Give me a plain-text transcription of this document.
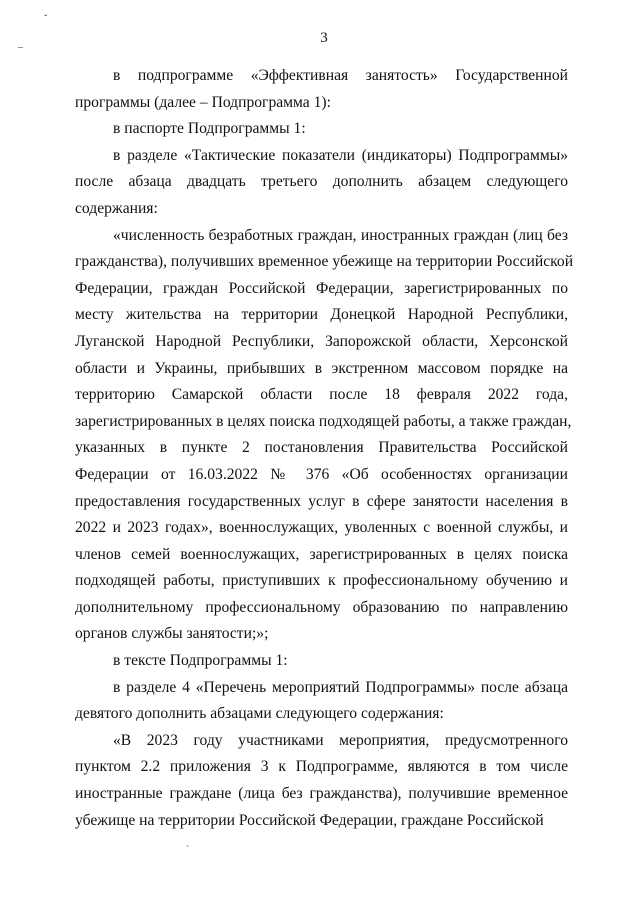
ˇ
–
ˋ
3

в подпрограмме «Эффективная занятость» Государственной
программы (далее – Подпрограмма 1):

в паспорте Подпрограммы 1:

в разделе «Тактические показатели (индикаторы) Подпрограммы»
после абзаца двадцать третьего дополнить абзацем следующего
содержания:

«численность безработных граждан, иностранных граждан (лиц без
гражданства), получивших временное убежище на территории Российской
Федерации, граждан Российской Федерации, зарегистрированных по
месту жительства на территории Донецкой Народной Республики,
Луганской Народной Республики, Запорожской области, Херсонской
области и Украины, прибывших в экстренном массовом порядке на
территорию Самарской области после 18 февраля 2022 года,
зарегистрированных в целях поиска подходящей работы, а также граждан,
указанных в пункте 2 постановления Правительства Российской
Федерации от 16.03.2022 № 376 «Об особенностях организации
предоставления государственных услуг в сфере занятости населения в
2022 и 2023 годах», военнослужащих, уволенных с военной службы, и
членов семей военнослужащих, зарегистрированных в целях поиска
подходящей работы, приступивших к профессиональному обучению и
дополнительному профессиональному образованию по направлению
органов службы занятости;»;

в тексте Подпрограммы 1:

в разделе 4 «Перечень мероприятий Подпрограммы» после абзаца
девятого дополнить абзацами следующего содержания:

«В 2023 году участниками мероприятия, предусмотренного
пунктом 2.2 приложения 3 к Подпрограмме, являются в том числе
иностранные граждане (лица без гражданства), получившие временное
убежище на территории Российской Федерации, граждане Российской
